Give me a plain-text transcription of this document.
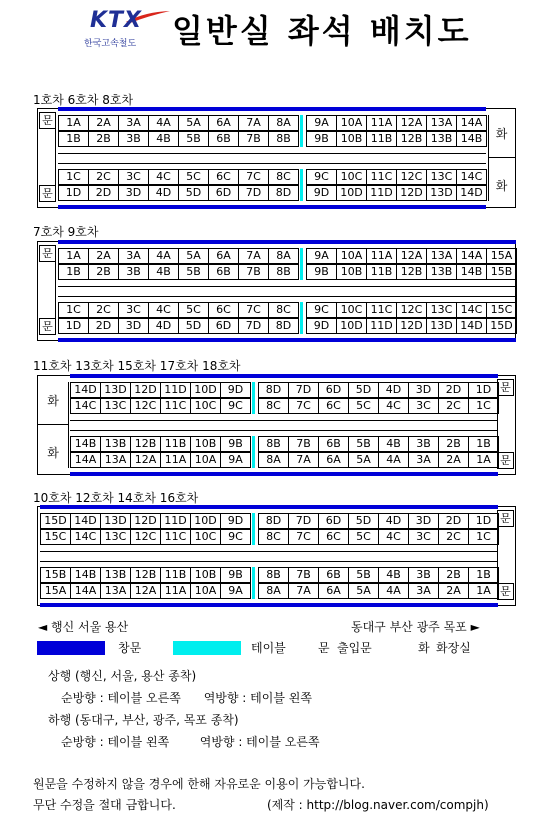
KTX
한국고속철도 일반실 좌석 배치도
1호차 6호차 8호차
1A	2A	3A	4A	5A	6A	7A	8A	9A	10A 11A 12A 13A 14A
1B	2B	3B	4B	5B	6B	7B	8B	9B	10B 11B 12B 13B 14B
1C	2C	3C	4C	5C	6C	7C	8C	9C	10C 11C 12C 13C 14C
1D	2D	3D	4D	5D	6D	7D	8D	9D	10D 11D 12D 13D 14D
문
문
화
화
7호차 9호차
1A	2A	3A	4A	5A	6A	7A	8A	9A	10A 11A 12A 13A 14A 15A
1B	2B	3B	4B	5B	6B	7B	8B	9B	10B 11B 12B 13B 14B 15B
1C	2C	3C	4C	5C	6C	7C	8C	9C	10C 11C 12C 13C 14C 15C
1D	2D	3D	4D	5D	6D	7D	8D	9D	10D 11D 12D 13D 14D 15D
문
문
11호차 13호차 15호차 17호차 18호차
14D 13D 12D 11D 10D	9D	8D	7D	6D	5D	4D	3D	2D	1D
14C 13C 12C 11C 10C	9C	8C	7C	6C	5C	4C	3C	2C	1C
14B 13B 12B 11B 10B	9B	8B	7B	6B	5B	4B	3B	2B	1B
14A 13A 12A 11A 10A	9A	8A	7A	6A	5A	4A	3A	2A	1A
문
문
화
화
10호차 12호차 14호차 16호차
15D 14D 13D 12D 11D 10D	9D	8D	7D	6D	5D	4D	3D	2D	1D
15C 14C 13C 12C 11C 10C	9C	8C	7C	6C	5C	4C	3C	2C	1C
15B 14B 13B 12B 11B 10B	9B	8B	7B	6B	5B	4B	3B	2B	1B
15A 14A 13A 12A 11A 10A	9A	8A	7A	6A	5A	4A	3A	2A	1A
문
문
◄ 행신 서울 용산	동대구 부산 광주 목포 ►
창문	테이블	문 출입문	화 화장실
상행 (행신, 서울, 용산 종착)
순방향 : 테이블 오른쪽      역방향 : 테이블 왼쪽
하행 (동대구, 부산, 광주, 목포 종착)
순방향 : 테이블 왼쪽        역방향 : 테이블 오른쪽
원문을 수정하지 않을 경우에 한해 자유로운 이용이 가능합니다.
무단 수정을 절대 금합니다.	(제작 : http://blog.naver.com/compjh)
